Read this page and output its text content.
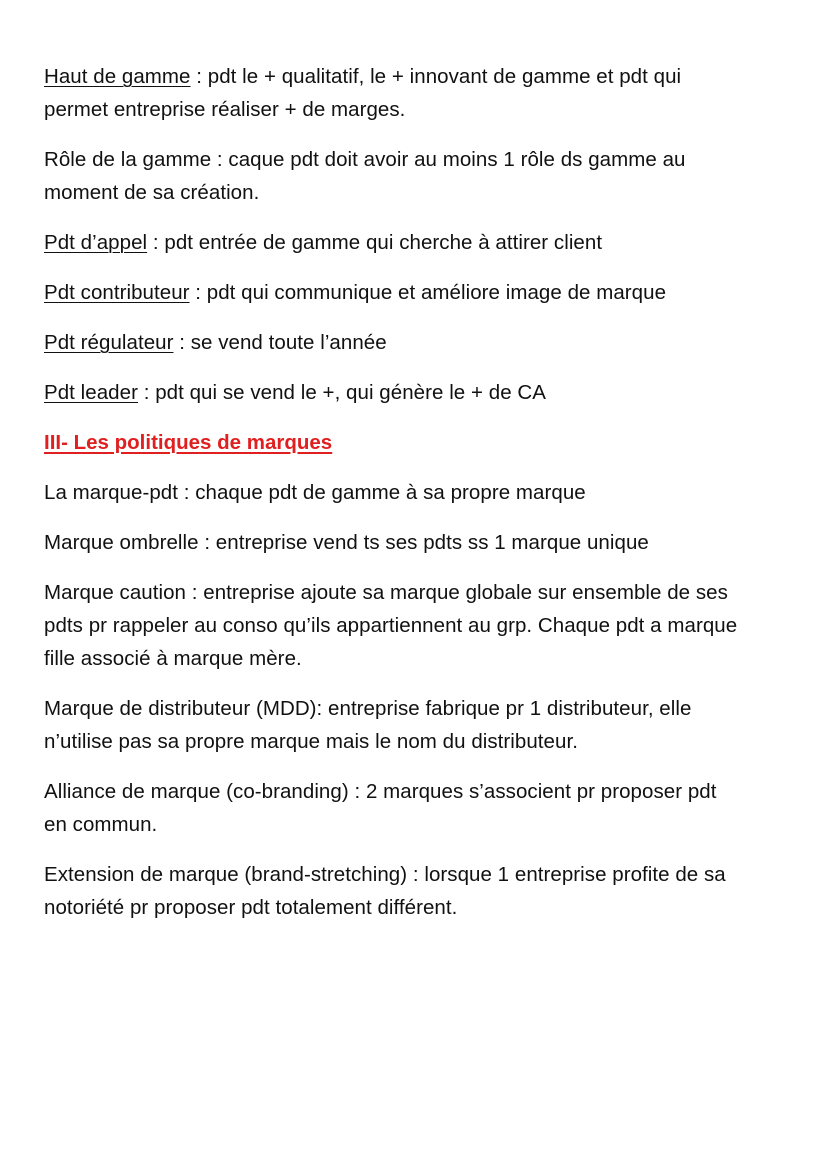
Haut de gamme : pdt le + qualitatif, le + innovant de gamme et pdt qui permet entreprise réaliser + de marges.

Rôle de la gamme : caque pdt doit avoir au moins 1 rôle ds gamme au moment de sa création.

Pdt d’appel : pdt entrée de gamme qui cherche à attirer client

Pdt contributeur : pdt qui communique et améliore image de marque

Pdt régulateur : se vend toute l’année

Pdt leader : pdt qui se vend le +, qui génère le + de CA

III- Les politiques de marques

La marque-pdt : chaque pdt de gamme à sa propre marque

Marque ombrelle : entreprise vend ts ses pdts ss 1 marque unique

Marque caution : entreprise ajoute sa marque globale sur ensemble de ses pdts pr rappeler au conso qu’ils appartiennent au grp. Chaque pdt a marque fille associé à marque mère.

Marque de distributeur (MDD): entreprise fabrique pr 1 distributeur, elle n’utilise pas sa propre marque mais le nom du distributeur.

Alliance de marque (co-branding) : 2 marques s’associent pr proposer pdt en commun.

Extension de marque (brand-stretching) : lorsque 1 entreprise profite de sa notoriété pr proposer pdt totalement différent.
